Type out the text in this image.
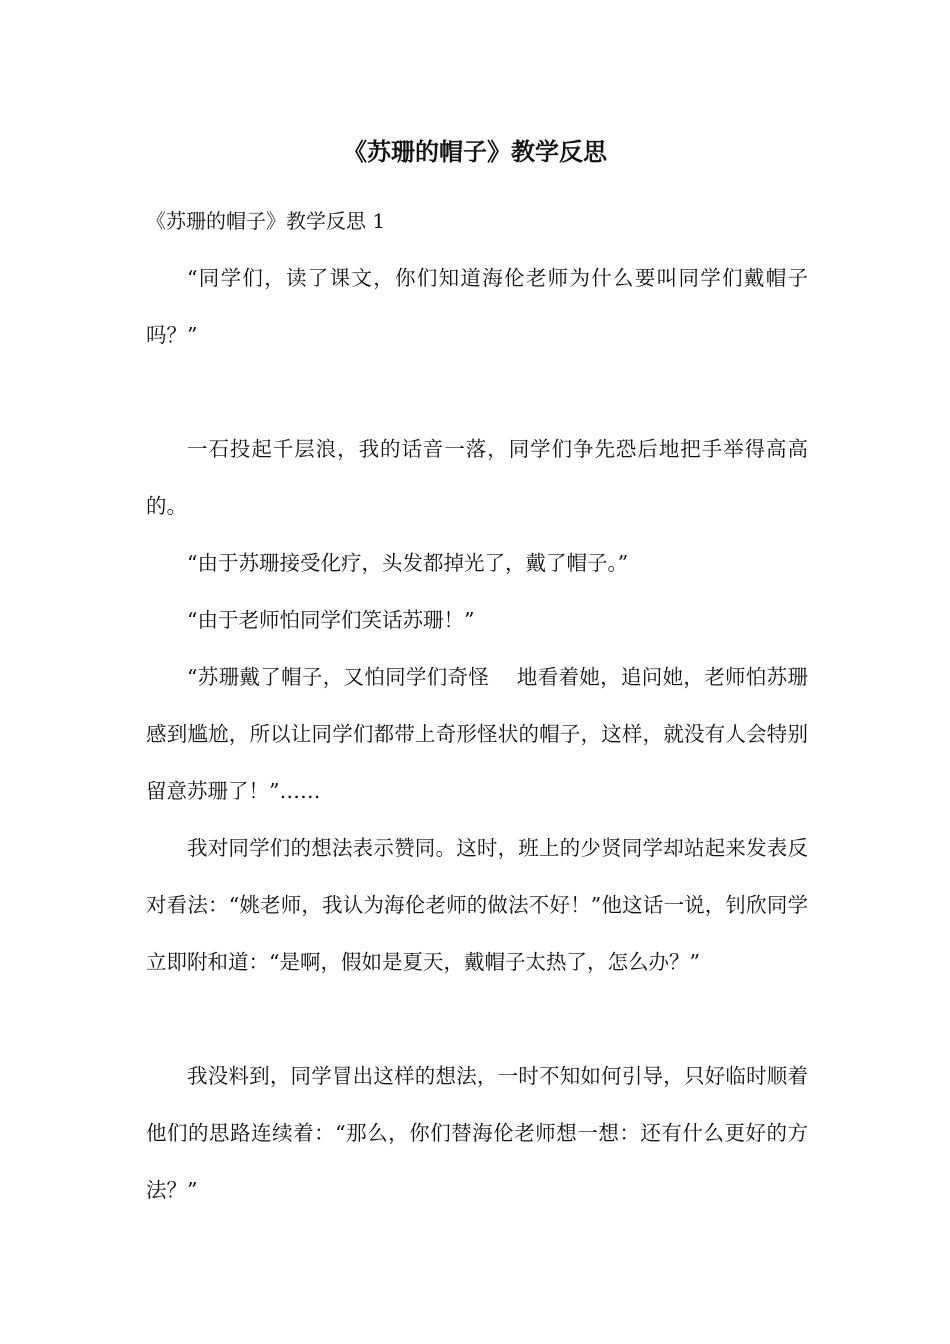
《苏珊的帽子》教学反思

《苏珊的帽子》教学反思 1

“同学们，读了课文，你们知道海伦老师为什么要叫同学们戴帽子吗？”

一石投起千层浪，我的话音一落，同学们争先恐后地把手举得高高的。

“由于苏珊接受化疗，头发都掉光了，戴了帽子。”

“由于老师怕同学们笑话苏珊！”

“苏珊戴了帽子，又怕同学们奇怪　 地看着她，追问她，老师怕苏珊感到尴尬，所以让同学们都带上奇形怪状的帽子，这样，就没有人会特别留意苏珊了！”……

我对同学们的想法表示赞同。这时，班上的少贤同学却站起来发表反对看法：“姚老师，我认为海伦老师的做法不好！”他这话一说，钊欣同学立即附和道：“是啊，假如是夏天，戴帽子太热了，怎么办？”

我没料到，同学冒出这样的想法，一时不知如何引导，只好临时顺着他们的思路连续着：“那么，你们替海伦老师想一想：还有什么更好的方法？”
